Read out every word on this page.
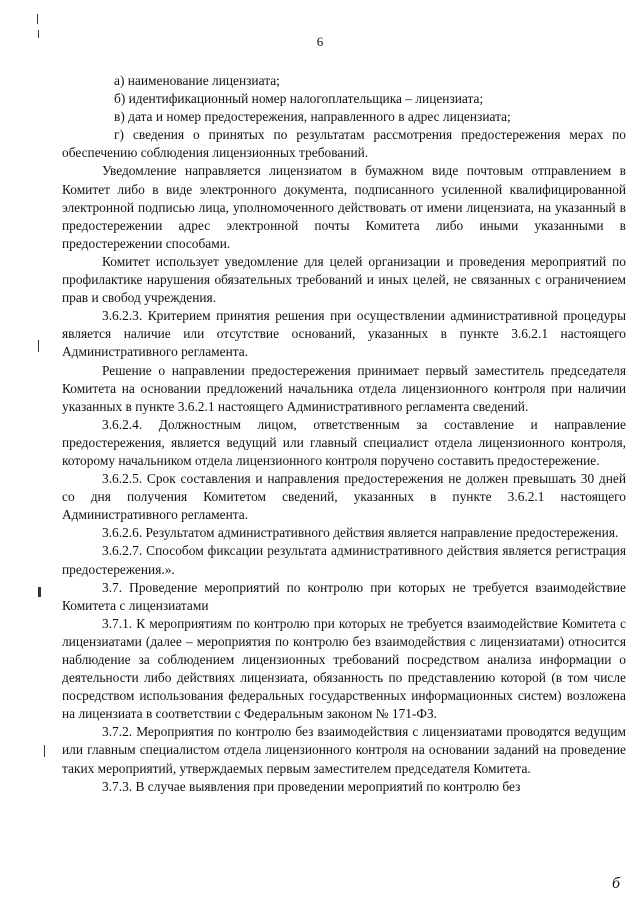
6

а) наименование лицензиата;

б) идентификационный номер налогоплательщика – лицензиата;

в) дата и номер предостережения, направленного в адрес лицензиата;

г) сведения о принятых по результатам рассмотрения предостережения мерах по обеспечению соблюдения лицензионных требований.

Уведомление направляется лицензиатом в бумажном виде почтовым отправлением в Комитет либо в виде электронного документа, подписанного усиленной квалифицированной электронной подписью лица, уполномоченного действовать от имени лицензиата, на указанный в предостережении адрес электронной почты Комитета либо иными указанными в предостережении способами.

Комитет использует уведомление для целей организации и проведения мероприятий по профилактике нарушения обязательных требований и иных целей, не связанных с ограничением прав и свобод учреждения.

3.6.2.3. Критерием принятия решения при осуществлении административной процедуры является наличие или отсутствие оснований, указанных в пункте 3.6.2.1 настоящего Административного регламента.

Решение о направлении предостережения принимает первый заместитель председателя Комитета на основании предложений начальника отдела лицензионного контроля при наличии указанных в пункте 3.6.2.1 настоящего Административного регламента сведений.

3.6.2.4. Должностным лицом, ответственным за составление и направление предостережения, является ведущий или главный специалист отдела лицензионного контроля, которому начальником отдела лицензионного контроля поручено составить предостережение.

3.6.2.5. Срок составления и направления предостережения не должен превышать 30 дней со дня получения Комитетом сведений, указанных в пункте 3.6.2.1 настоящего Административного регламента.

3.6.2.6. Результатом административного действия является направление предостережения.

3.6.2.7. Способом фиксации результата административного действия является регистрация предостережения.».

3.7. Проведение мероприятий по контролю при которых не требуется взаимодействие Комитета с лицензиатами

3.7.1. К мероприятиям по контролю при которых не требуется взаимодействие Комитета с лицензиатами (далее – мероприятия по контролю без взаимодействия с лицензиатами) относится наблюдение за соблюдением лицензионных требований посредством анализа информации о деятельности либо действиях лицензиата, обязанность по представлению которой (в том числе посредством использования федеральных государственных информационных систем) возложена на лицензиата в соответствии с Федеральным законом № 171-ФЗ.

3.7.2. Мероприятия по контролю без взаимодействия с лицензиатами проводятся ведущим или главным специалистом отдела лицензионного контроля на основании заданий на проведение таких мероприятий, утверждаемых первым заместителем председателя Комитета.

3.7.3. В случае выявления при проведении мероприятий по контролю без

б
